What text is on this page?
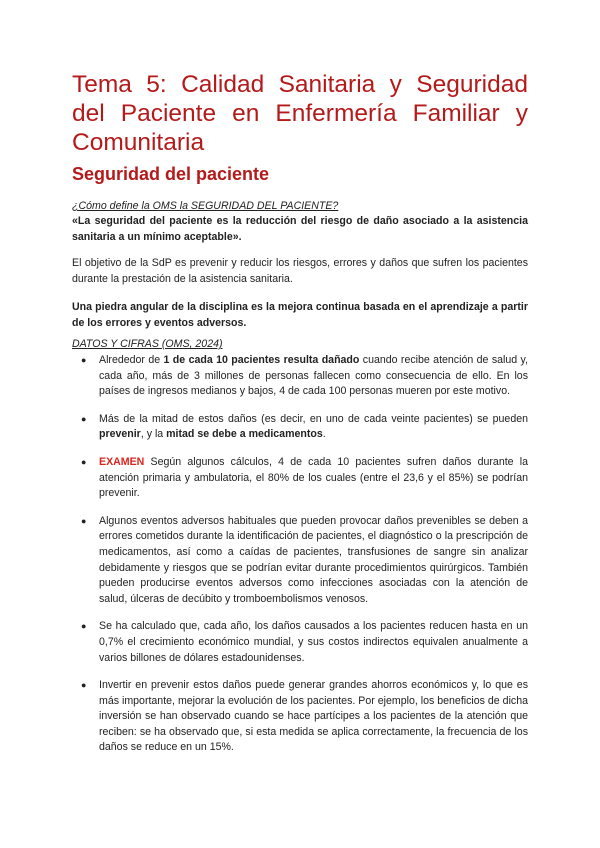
Tema 5: Calidad Sanitaria y Seguridad del Paciente en Enfermería Familiar y Comunitaria
Seguridad del paciente

¿Cómo define la OMS la SEGURIDAD DEL PACIENTE?

«La seguridad del paciente es la reducción del riesgo de daño asociado a la asistencia sanitaria a un mínimo aceptable».

El objetivo de la SdP es prevenir y reducir los riesgos, errores y daños que sufren los pacientes durante la prestación de la asistencia sanitaria.

Una piedra angular de la disciplina es la mejora continua basada en el aprendizaje a partir de los errores y eventos adversos.

DATOS Y CIFRAS (OMS, 2024)

● Alrededor de 1 de cada 10 pacientes resulta dañado cuando recibe atención de salud y, cada año, más de 3 millones de personas fallecen como consecuencia de ello. En los países de ingresos medianos y bajos, 4 de cada 100 personas mueren por este motivo.
● Más de la mitad de estos daños (es decir, en uno de cada veinte pacientes) se pueden prevenir, y la mitad se debe a medicamentos.
● EXAMEN Según algunos cálculos, 4 de cada 10 pacientes sufren daños durante la atención primaria y ambulatoria, el 80% de los cuales (entre el 23,6 y el 85%) se podrían prevenir.
● Algunos eventos adversos habituales que pueden provocar daños prevenibles se deben a errores cometidos durante la identificación de pacientes, el diagnóstico o la prescripción de medicamentos, así como a caídas de pacientes, transfusiones de sangre sin analizar debidamente y riesgos que se podrían evitar durante procedimientos quirúrgicos. También pueden producirse eventos adversos como infecciones asociadas con la atención de salud, úlceras de decúbito y tromboembolismos venosos.
● Se ha calculado que, cada año, los daños causados a los pacientes reducen hasta en un 0,7% el crecimiento económico mundial, y sus costos indirectos equivalen anualmente a varios billones de dólares estadounidenses.
● Invertir en prevenir estos daños puede generar grandes ahorros económicos y, lo que es más importante, mejorar la evolución de los pacientes. Por ejemplo, los beneficios de dicha inversión se han observado cuando se hace partícipes a los pacientes de la atención que reciben: se ha observado que, si esta medida se aplica correctamente, la frecuencia de los daños se reduce en un 15%.
